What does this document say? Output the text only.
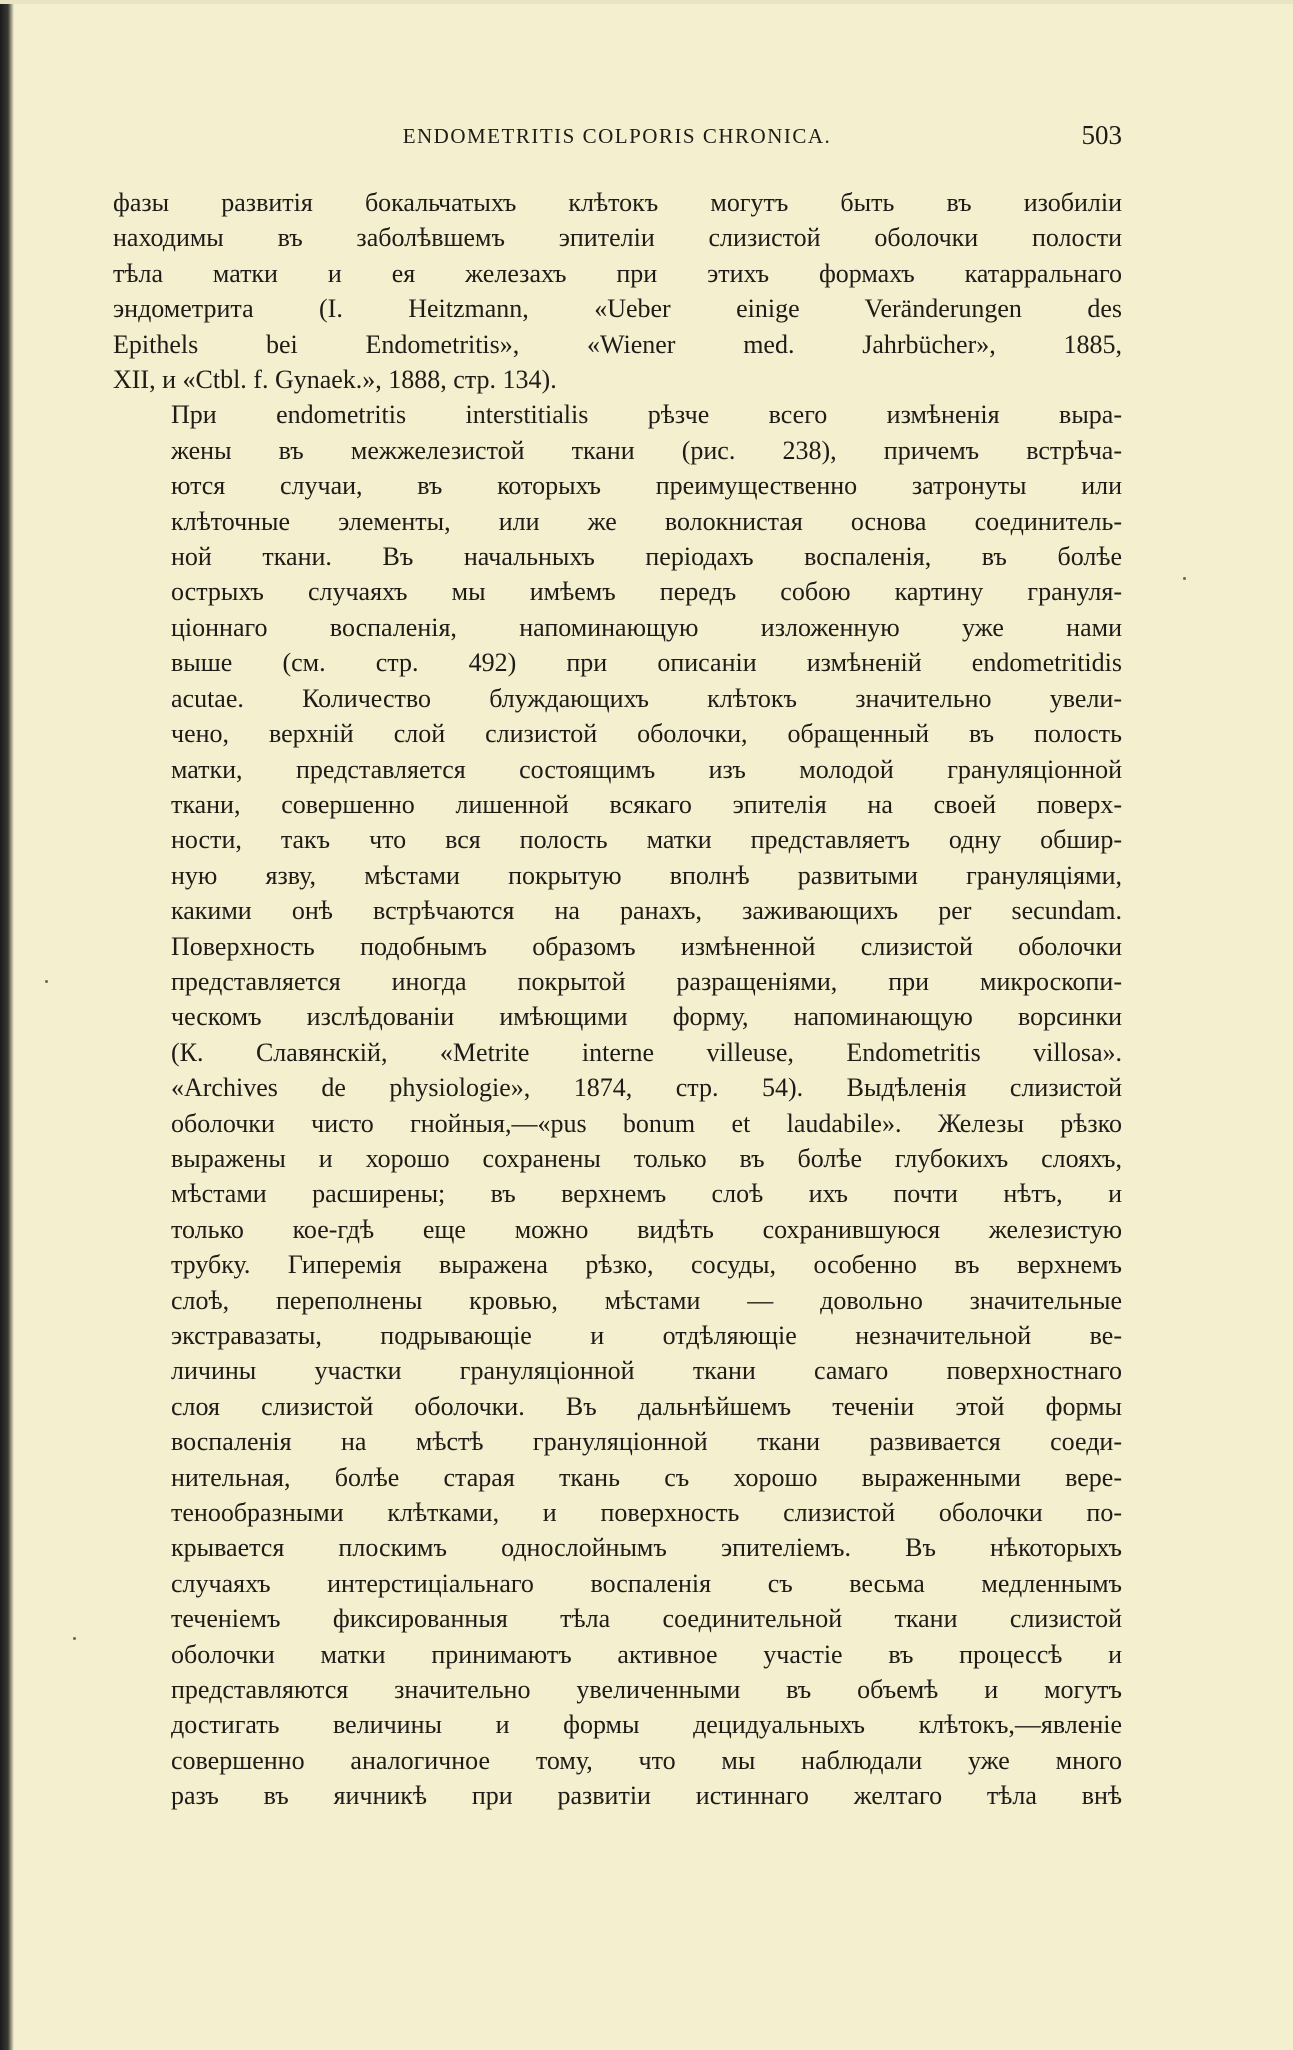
ENDOMETRITIS COLPORIS CHRONICA.	503

фазы развитія бокальчатыхъ клѣтокъ могутъ быть въ изобиліи
находимы въ заболѣвшемъ эпителіи слизистой оболочки полости
тѣла матки и ея железахъ при этихъ формахъ катарральнаго
эндометрита (I. Heitzmann, «Ueber einige Veränderungen des
Epithels bei Endometritis», «Wiener med. Jahrbücher», 1885,
XII, и «Ctbl. f. Gynaek.», 1888, стр. 134).

При endometritis interstitialis рѣзче всего измѣненія выра-
жены въ межжелезистой ткани (рис. 238), причемъ встрѣча-
ются случаи, въ которыхъ преимущественно затронуты или
клѣточные элементы, или же волокнистая основа соединитель-
ной ткани. Въ начальныхъ періодахъ воспаленія, въ болѣе
острыхъ случаяхъ мы имѣемъ передъ собою картину грануля-
ціоннаго воспаленія, напоминающую изложенную уже нами
выше (см. стр. 492) при описаніи измѣненій endometritidis
acutae. Количество блуждающихъ клѣтокъ значительно увели-
чено, верхній слой слизистой оболочки, обращенный въ полость
матки, представляется состоящимъ изъ молодой грануляціонной
ткани, совершенно лишенной всякаго эпителія на своей поверх-
ности, такъ что вся полость матки представляетъ одну обшир-
ную язву, мѣстами покрытую вполнѣ развитыми грануляціями,
какими онѣ встрѣчаются на ранахъ, заживающихъ per secundam.
Поверхность подобнымъ образомъ измѣненной слизистой оболочки
представляется иногда покрытой разращеніями, при микроскопи-
ческомъ изслѣдованіи имѣющими форму, напоминающую ворсинки
(К. Славянскій, «Metrite interne villeuse, Endometritis villosa».
«Archives de physiologie», 1874, стр. 54). Выдѣленія слизистой
оболочки чисто гнойныя,—«pus bonum et laudabile». Железы рѣзко
выражены и хорошо сохранены только въ болѣе глубокихъ слояхъ,
мѣстами расширены; въ верхнемъ слоѣ ихъ почти нѣтъ, и
только кое-гдѣ еще можно видѣть сохранившуюся железистую
трубку. Гиперемія выражена рѣзко, сосуды, особенно въ верхнемъ
слоѣ, переполнены кровью, мѣстами — довольно значительные
экстравазаты, подрывающіе и отдѣляющіе незначительной ве-
личины участки грануляціонной ткани самаго поверхностнаго
слоя слизистой оболочки. Въ дальнѣйшемъ теченіи этой формы
воспаленія на мѣстѣ грануляціонной ткани развивается соеди-
нительная, болѣе старая ткань съ хорошо выраженными вере-
тенообразными клѣтками, и поверхность слизистой оболочки по-
крывается плоскимъ однослойнымъ эпителіемъ. Въ нѣкоторыхъ
случаяхъ интерстиціальнаго воспаленія съ весьма медленнымъ
теченіемъ фиксированныя тѣла соединительной ткани слизистой
оболочки матки принимаютъ активное участіе въ процессѣ и
представляются значительно увеличенными въ объемѣ и могутъ
достигать величины и формы децидуальныхъ клѣтокъ,—явленіе
совершенно аналогичное тому, что мы наблюдали уже много
разъ въ яичникѣ при развитіи истиннаго желтаго тѣла внѣ
